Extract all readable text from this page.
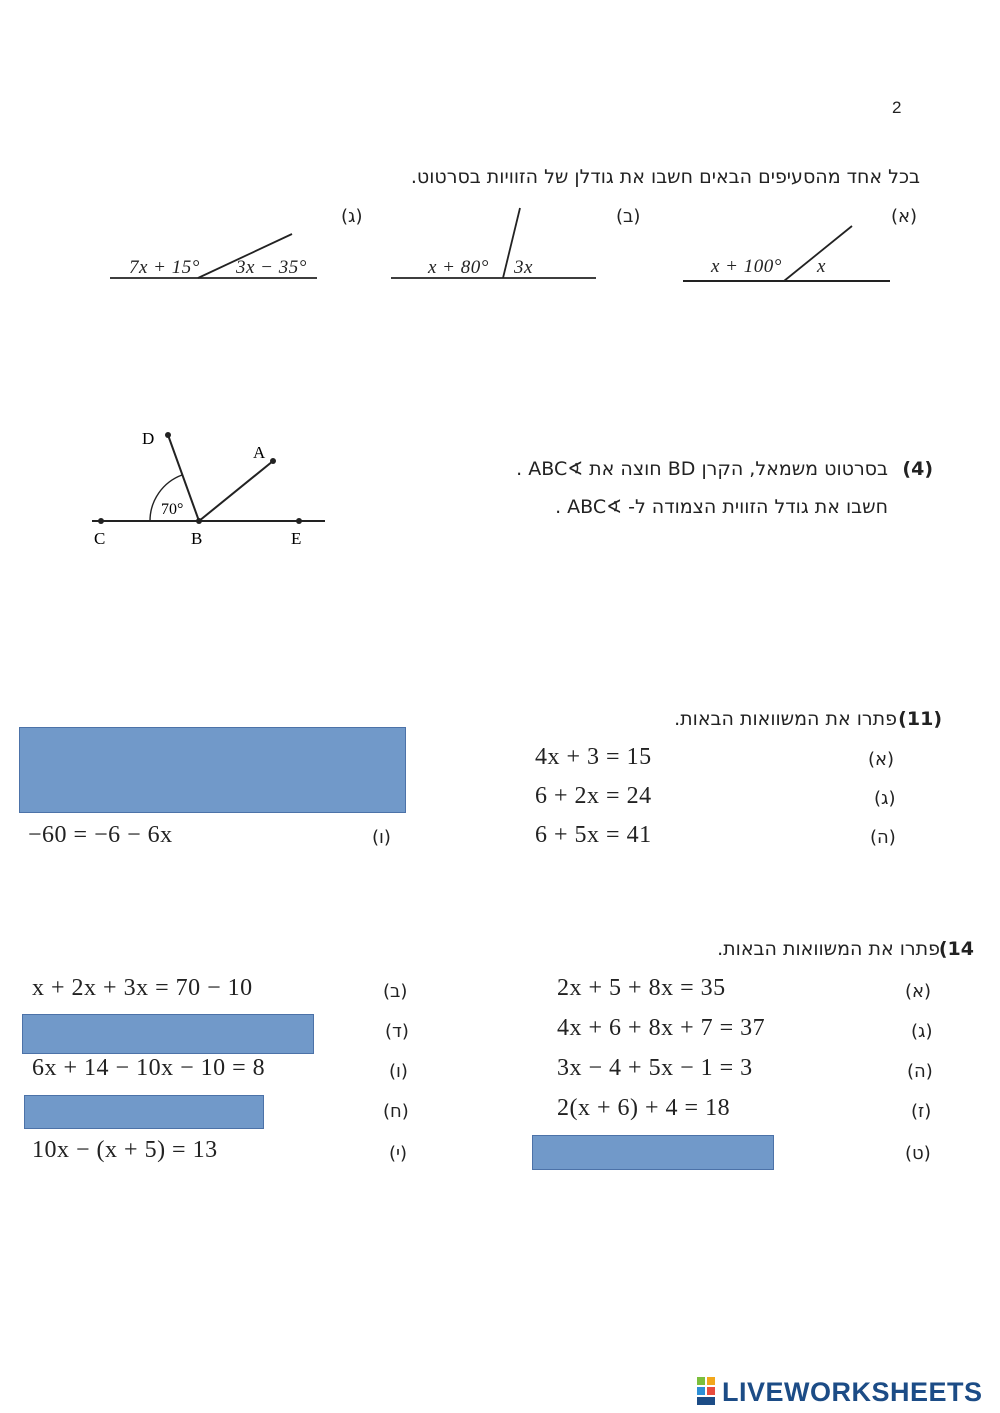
2
בכל אחד מהסעיפים הבאים חשבו את גודלן של הזוויות בסרטוט.
(א)
(ב)
(ג)
x + 100° x
x + 80° 3x
7x + 15° 3x − 35°
(4)
בסרטוט משמאל, הקרן BD חוצה את ∢ABC .
חשבו את גודל הזווית הצמודה ל- ∢ABC .
70°
D
A
C	B	E
(11)
פתרו את המשוואות הבאות.
(א)
4x + 3 = 15
(ג)
6 + 2x = 24
(ה)
6 + 5x = 41
(ו)
−60 = −6 − 6x
14)
פתרו את המשוואות הבאות.
(א)
2x + 5 + 8x = 35
(ג)
4x + 6 + 8x + 7 = 37
(ה)
3x − 4 + 5x − 1 = 3
(ז)
2(x + 6) + 4 = 18
(ט)
(ב)
x + 2x + 3x = 70 − 10
(ד)
(ו)
6x + 14 − 10x − 10 = 8
(ח)
(י)
10x − (x + 5) = 13
LIVEWORKSHEETS
